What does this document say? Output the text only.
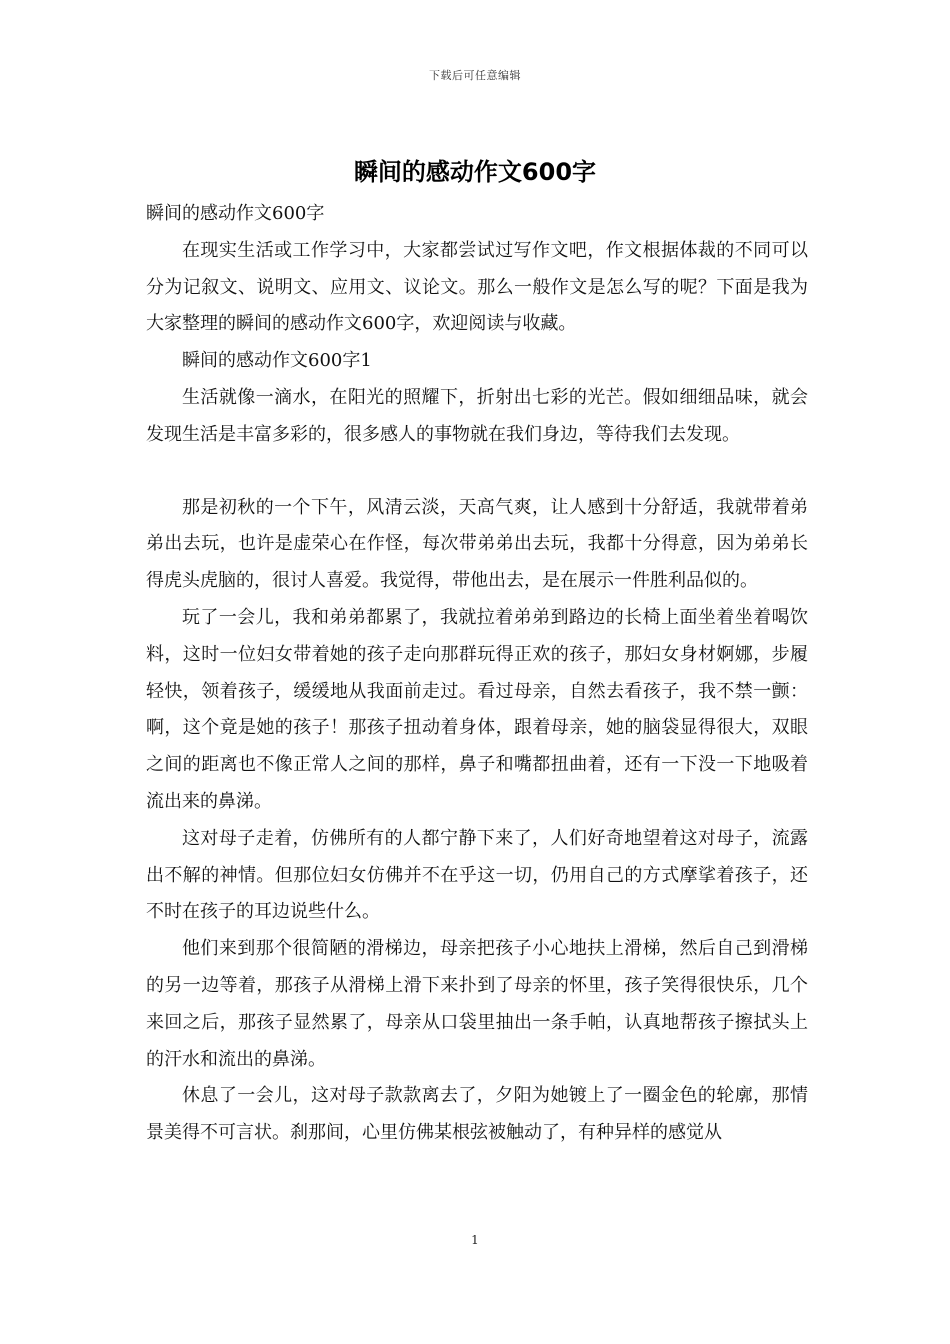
下载后可任意编辑
瞬间的感动作文600字

瞬间的感动作文600字

在现实生活或工作学习中，大家都尝试过写作文吧，作文根据体裁的不同可以分为记叙文、说明文、应用文、议论文。那么一般作文是怎么写的呢？下面是我为大家整理的瞬间的感动作文600字，欢迎阅读与收藏。

瞬间的感动作文600字1

生活就像一滴水，在阳光的照耀下，折射出七彩的光芒。假如细细品味，就会发现生活是丰富多彩的，很多感人的事物就在我们身边，等待我们去发现。

那是初秋的一个下午，风清云淡，天高气爽，让人感到十分舒适，我就带着弟弟出去玩，也许是虚荣心在作怪，每次带弟弟出去玩，我都十分得意，因为弟弟长得虎头虎脑的，很讨人喜爱。我觉得，带他出去，是在展示一件胜利品似的。

玩了一会儿，我和弟弟都累了，我就拉着弟弟到路边的长椅上面坐着坐着喝饮料，这时一位妇女带着她的孩子走向那群玩得正欢的孩子，那妇女身材婀娜，步履轻快，领着孩子，缓缓地从我面前走过。看过母亲，自然去看孩子，我不禁一颤：啊，这个竟是她的孩子！那孩子扭动着身体，跟着母亲，她的脑袋显得很大，双眼之间的距离也不像正常人之间的那样，鼻子和嘴都扭曲着，还有一下没一下地吸着流出来的鼻涕。

这对母子走着，仿佛所有的人都宁静下来了，人们好奇地望着这对母子，流露出不解的神情。但那位妇女仿佛并不在乎这一切，仍用自己的方式摩挲着孩子，还不时在孩子的耳边说些什么。

他们来到那个很简陋的滑梯边，母亲把孩子小心地扶上滑梯，然后自己到滑梯的另一边等着，那孩子从滑梯上滑下来扑到了母亲的怀里，孩子笑得很快乐，几个来回之后，那孩子显然累了，母亲从口袋里抽出一条手帕，认真地帮孩子擦拭头上的汗水和流出的鼻涕。

休息了一会儿，这对母子款款离去了，夕阳为她镀上了一圈金色的轮廓，那情景美得不可言状。刹那间，心里仿佛某根弦被触动了，有种异样的感觉从

1
